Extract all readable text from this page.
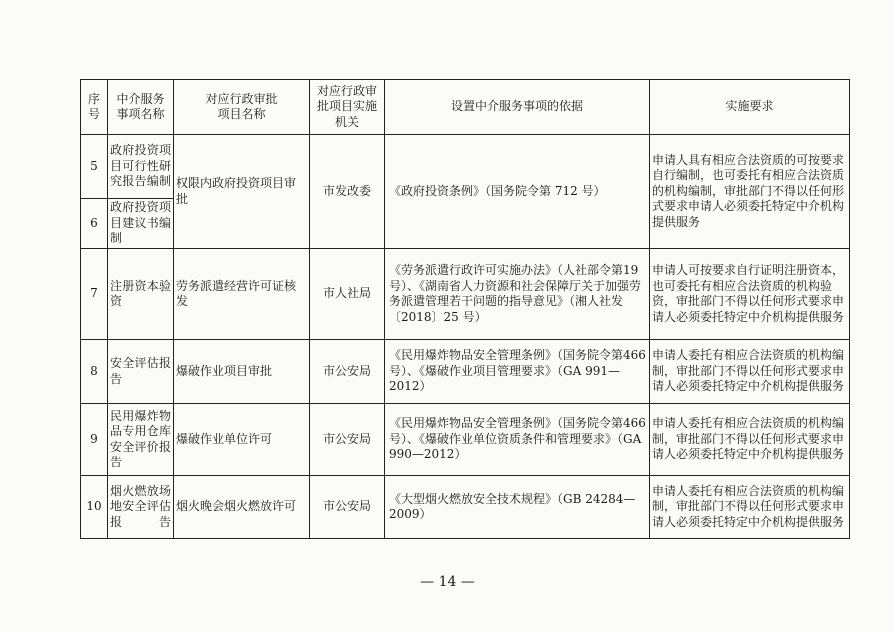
序号	中介服务事项名称	对应行政审批项目名称	对应行政审批项目实施机关	设置中介服务事项的依据	实施要求
5	政府投资项目可行性研究报告编制	权限内政府投资项目审批	市发改委	《政府投资条例》（国务院令第 712 号）	申请人具有相应合法资质的可按要求自行编制，也可委托有相应合法资质的机构编制，审批部门不得以任何形式要求申请人必须委托特定中介机构提供服务
6	政府投资项目建议书编制				
7	注册资本验资	劳务派遣经营许可证核发	市人社局	《劳务派遣行政许可实施办法》（人社部令第19号）、《湖南省人力资源和社会保障厅关于加强劳务派遣管理若干问题的指导意见》（湘人社发〔2018〕25 号）	申请人可按要求自行证明注册资本，也可委托有相应合法资质的机构验资，审批部门不得以任何形式要求申请人必须委托特定中介机构提供服务
8	安全评估报告	爆破作业项目审批	市公安局	《民用爆炸物品安全管理条例》（国务院令第466号）、《爆破作业项目管理要求》（GA 991—2012）	申请人委托有相应合法资质的机构编制，审批部门不得以任何形式要求申请人必须委托特定中介机构提供服务
9	民用爆炸物品专用仓库安全评价报告	爆破作业单位许可	市公安局	《民用爆炸物品安全管理条例》（国务院令第466号）、《爆破作业单位资质条件和管理要求》（GA 990—2012）	申请人委托有相应合法资质的机构编制，审批部门不得以任何形式要求申请人必须委托特定中介机构提供服务
10	烟火燃放场地安全评估报告	烟火晚会烟火燃放许可	市公安局	《大型烟火燃放安全技术规程》（GB 24284—2009）	申请人委托有相应合法资质的机构编制，审批部门不得以任何形式要求申请人必须委托特定中介机构提供服务
— 14 —
